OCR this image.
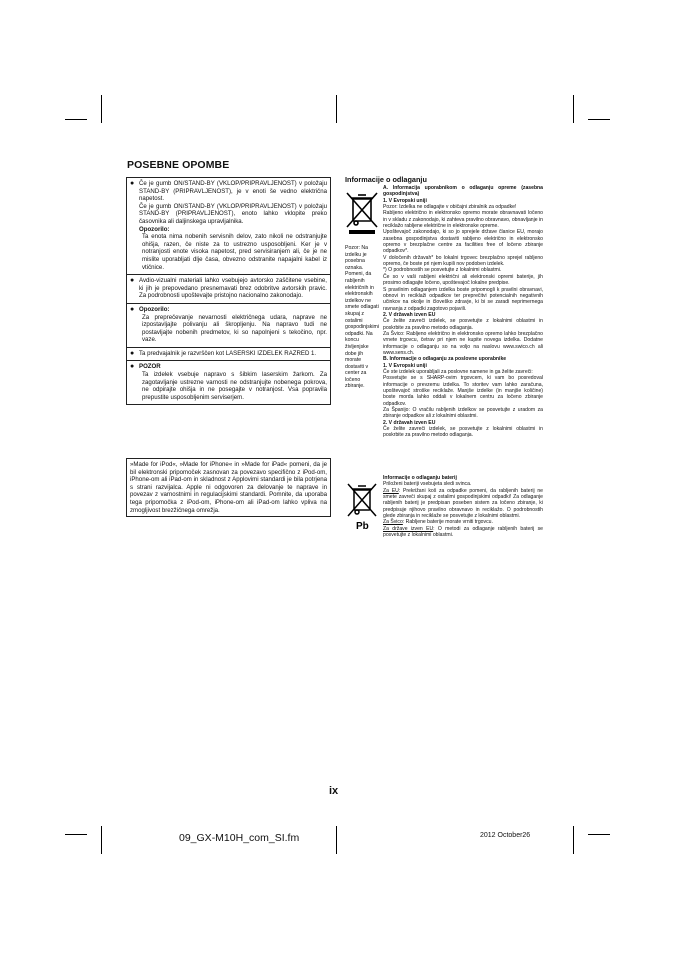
POSEBNE OPOMBE
● Če je gumb ON/STAND-BY (VKLOP/PRIPRAVLJENOST) v položaju STAND-BY (PRIPRAVLJENOST), je v enoti še vedno električna napetost.

Če je gumb ON/STAND-BY (VKLOP/PRIPRAVLJENOST) v položaju STAND-BY (PRIPRAVLJENOST), enoto lahko vklopite preko časovnika ali daljinskega upravljalnika.

Opozorilo:

Ta enota nima nobenih servisnih delov, zato nikoli ne odstranjujte ohišja, razen, če niste za to ustrezno usposobljeni. Ker je v notranjosti enote visoka napetost, pred servisiranjem ali, če je ne mislite uporabljati dlje časa, obvezno odstranite napajalni kabel iz vtičnice.

● Avdio-vizualni materiali lahko vsebujejo avtorsko zaščitene vsebine, ki jih je prepovedano presnemavati brez odobritve avtorskih pravic. Za podrobnosti upoštevajte pristojno nacionalno zakonodajo.

● Opozorilo:

Za preprečevanje nevarnosti električnega udara, naprave ne izpostavljajte polivanju ali škropljenju. Na napravo tudi ne postavljajte nobenih predmetov, ki so napolnjeni s tekočino, npr. vaze.

● Ta predvajalnik je razvrščen kot LASERSKI IZDELEK RAZRED 1.

● POZOR

Ta izdelek vsebuje napravo s šibkim laserskim žarkom. Za zagotavljanje ustrezne varnosti ne odstranjujte nobenega pokrova, ne odpirajte ohišja in ne posegajte v notranjost. Vsa popravila prepustite usposobljenim serviserjem.

»Made for iPod«, »Made for iPhone« in »Made for iPad« pomeni, da je bil elektronski pripomoček zasnovan za povezavo specifično z iPod-om, iPhone-om ali iPad-om in skladnost z Applovimi standardi je bila potrjena s strani razvijalca. Apple ni odgovoren za delovanje te naprave in povezav z varnostnimi in regulacijskimi standardi. Pomnite, da uporaba tega pripomočka z iPod-om, iPhone-om ali iPad-om lahko vpliva na zmogljivost brezžičnega omrežja.
Informacije o odlaganju
Pozor: Na izdelku je posebna oznaka. Pomeni, da rabljenih električnih in elektronskih izdelkov ne smete odlagati skupaj z ostalimi gospodinjskimi odpadki. Na koncu življenjske dobe jih morate dostaviti v center za ločeno zbiranje.

A. Informacija uporabnikom o odlaganju opreme (zasebna gospodinjstva)

1. V Evropski uniji

Pozor: Izdelka ne odlagajte v običajni zbiralnik za odpadke!

Rabljeno električno in elektronsko opremo morate obravnavati ločeno in v skladu z zakonodajo, ki zahteva pravilno obravnavo, obnavljanje in reciklažo rabljene električne in elektronske opreme.

Upoštevajoč zakonodajo, ki so jo sprejele države članice EU, morajo zasebna gospodinjstva dostaviti rabljeno električno in elektronsko opremo v brezplačne centre za facilities free of ločeno zbiranje odpadkov*.

V določenih državah* bo lokalni trgovec brezplačno sprejel rabljeno opremo, če boste pri njem kupili nov podoben izdelek.

*) O podrobnostih se posvetujte z lokalnimi oblastmi.

Če so v vaši rabljeni električni ali elektronski opremi baterije, jih prosimo odlagajte ločeno, upoštevajoč lokalne predpise.

S pravilnim odlaganjem izdelka boste pripomogli k pravilni obravnavi, obnovi in reciklaži odpadkov ter preprečitvi potencialnih negativnih učinkov na okolje in človeško zdravje, ki bi se zaradi neprimernega ravnanja z odpadki zagotovo pojavili.

2. V državah izven EU

Če želite zavreči izdelek, se posvetujte z lokalnimi oblastmi in poskrbite za pravilno metodo odlaganja.

Za Švico: Rabljeno električno in elektronsko opremo lahko brezplačno vrnete trgovcu, četrav pri njem ne kupite novega izdelka. Dodatne informacije o odlaganju so na voljo na naslovu www.swico.ch ali www.sens.ch.

B. Informacije o odlaganju za poslovne uporabnike

1. V Evropski uniji

Če ste izdelek uporabljali za poslovne namene in ga želite zavreči:

Posvetujte se s SHARP-ovim trgovcem, ki vam bo posredoval informacije o prevzemu izdelka. To storitev vam lahko zaračuna, upoštevajoč stroške reciklaže. Manjše izdelke (in manjše količine) boste morda lahko oddali v lokalnem centru za ločeno zbiranje odpadkov.

Za Španijo: O vračilu rabljenih izdelkov se posvetujte z uradom za zbiranje odpadkov ali z lokalnimi oblastmi.

2. V državah izven EU

Če želite zavreči izdelek, se posvetujte z lokalnimi oblastmi in poskrbite za pravilno metodo odlaganja.

Pb

Informacije o odlaganju baterij

Priloženi bateriji vsebujeta sledi svinca.

Za EU: Prekrižani koš za odpadke pomeni, da rabljenih baterij ne smete zavreči skupaj z ostalimi gospodinjskimi odpadki! Za odlaganje rabljenih baterij je predpisan poseben sistem za ločeno zbiranje, ki predpisuje njihovo pravilno obravnavo in reciklažo. O podrobnostih glede zbiranja in reciklaže se posvetujte z lokalnimi oblastmi.

Za Švico: Rabljene baterije morate vrniti trgovcu.

Za države izven EU: O metodi za odlaganje rabljenih baterij se posvetujte z lokalnimi oblastmi.

ix
09_GX-M10H_com_SI.fm	2012 October26
